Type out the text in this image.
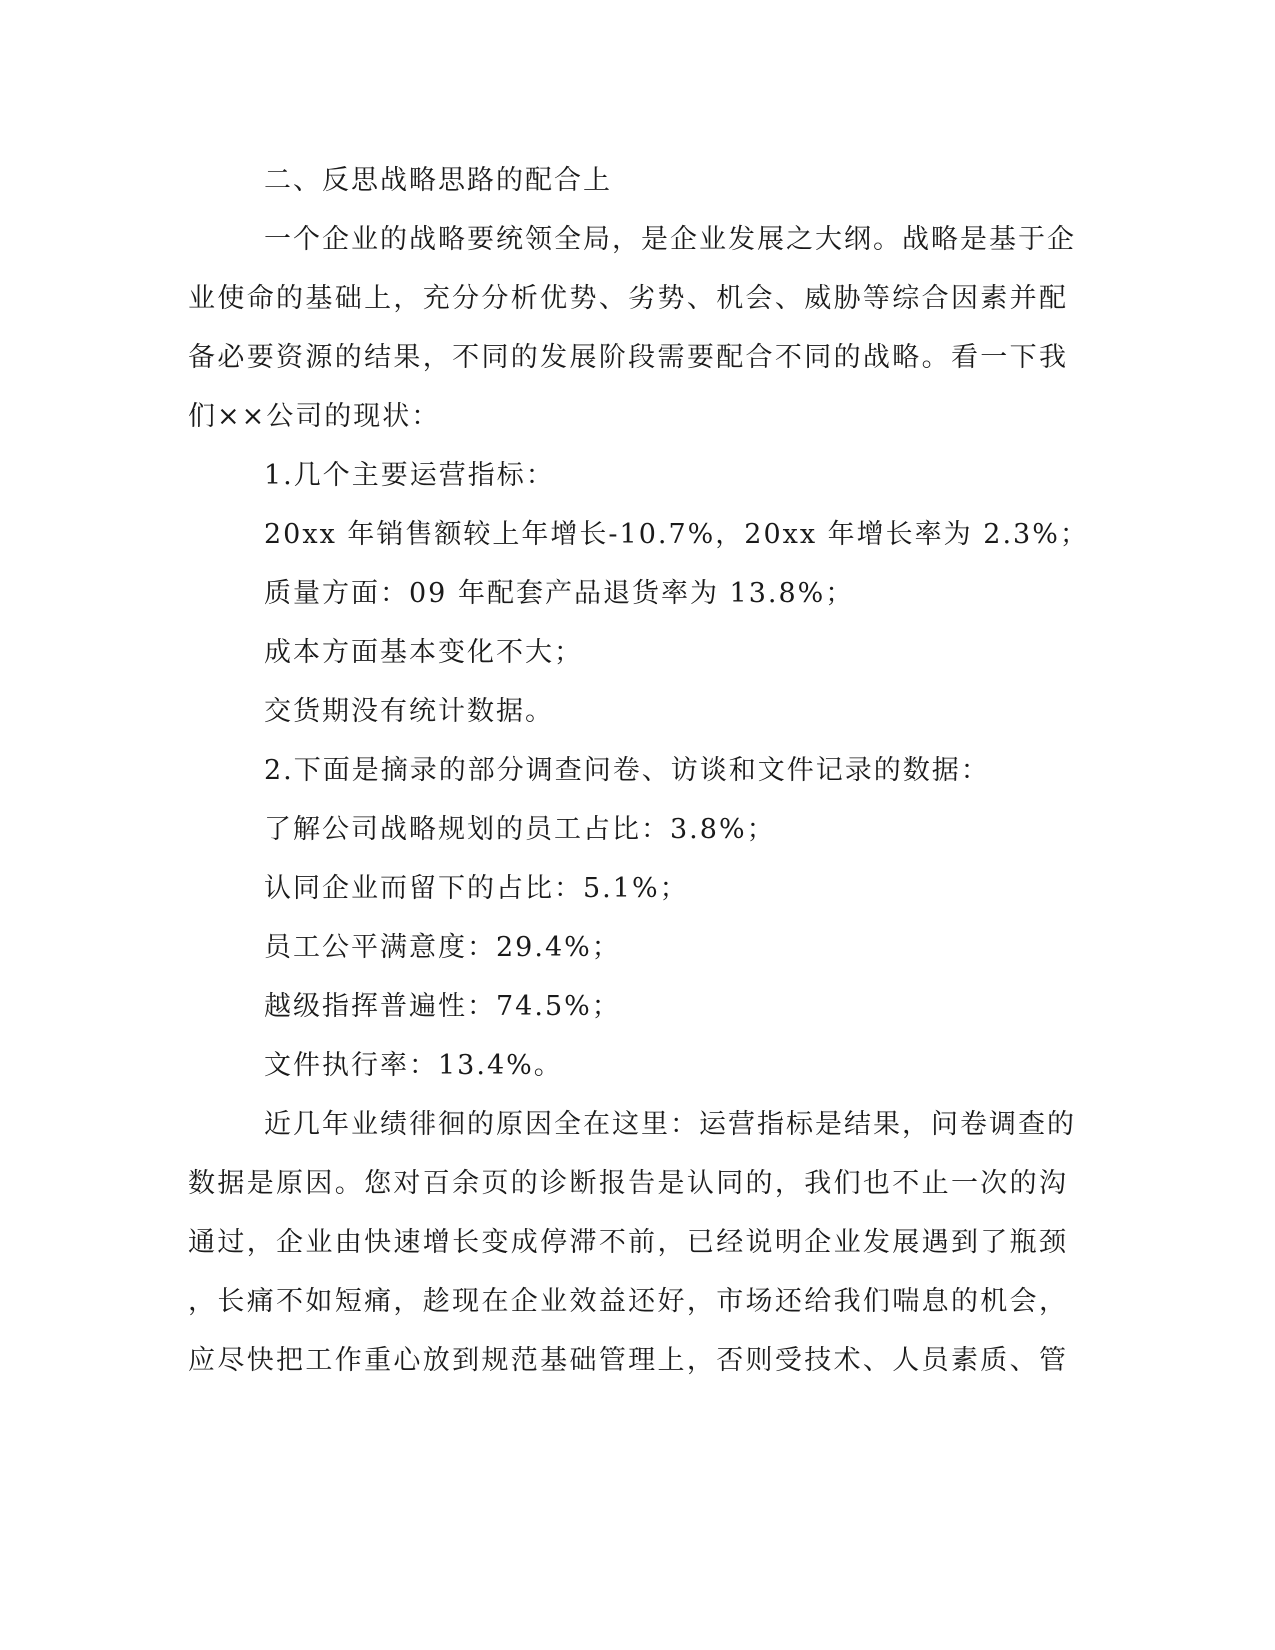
二、反思战略思路的配合上
一个企业的战略要统领全局，是企业发展之大纲。战略是基于企
业使命的基础上，充分分析优势、劣势、机会、威胁等综合因素并配
备必要资源的结果，不同的发展阶段需要配合不同的战略。看一下我
们××公司的现状：
1.几个主要运营指标：
20xx 年销售额较上年增长-10.7%，20xx 年增长率为 2.3%；
质量方面：09 年配套产品退货率为 13.8%；
成本方面基本变化不大；
交货期没有统计数据。
2.下面是摘录的部分调查问卷、访谈和文件记录的数据：
了解公司战略规划的员工占比：3.8%；
认同企业而留下的占比：5.1%；
员工公平满意度：29.4%；
越级指挥普遍性：74.5%；
文件执行率：13.4%。
近几年业绩徘徊的原因全在这里：运营指标是结果，问卷调查的
数据是原因。您对百余页的诊断报告是认同的，我们也不止一次的沟
通过，企业由快速增长变成停滞不前，已经说明企业发展遇到了瓶颈
，长痛不如短痛，趁现在企业效益还好，市场还给我们喘息的机会，
应尽快把工作重心放到规范基础管理上，否则受技术、人员素质、管
